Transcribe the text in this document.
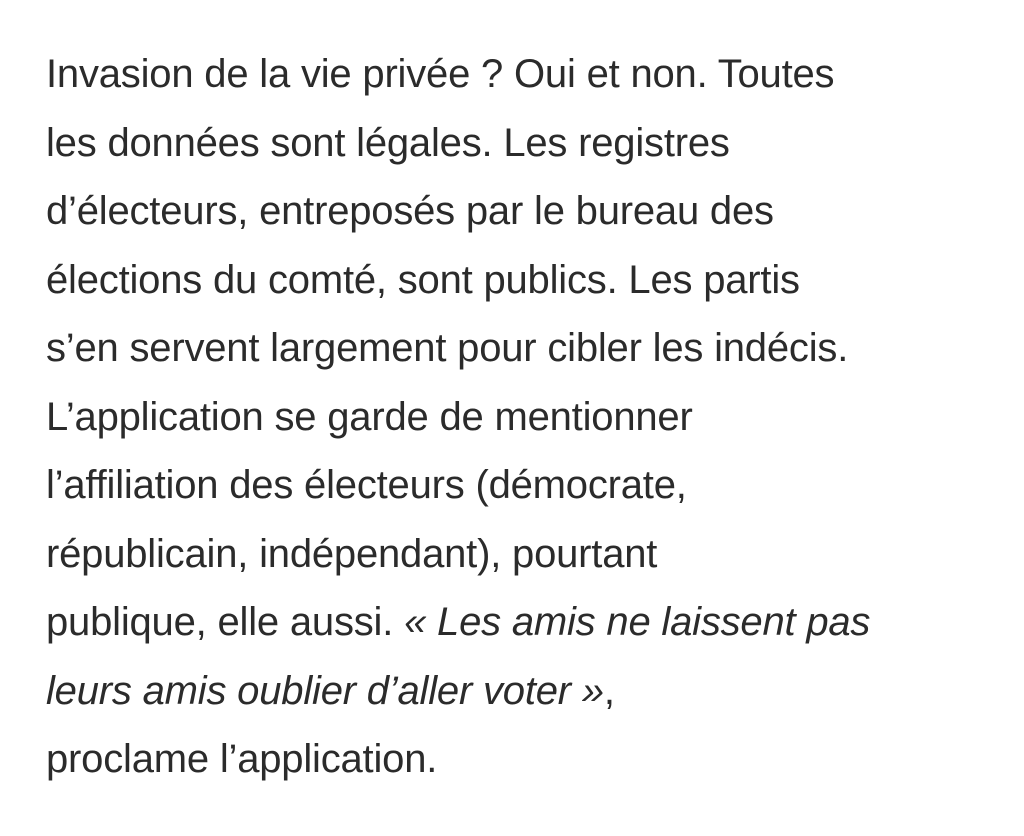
Invasion de la vie privée ? Oui et non. Toutes
les données sont légales. Les registres
d’électeurs, entreposés par le bureau des
élections du comté, sont publics. Les partis
s’en servent largement pour cibler les indécis.
L’application se garde de mentionner
l’affiliation des électeurs (démocrate,
républicain, indépendant), pourtant
publique, elle aussi. « Les amis ne laissent pas
leurs amis oublier d’aller voter »,
proclame l’application.
